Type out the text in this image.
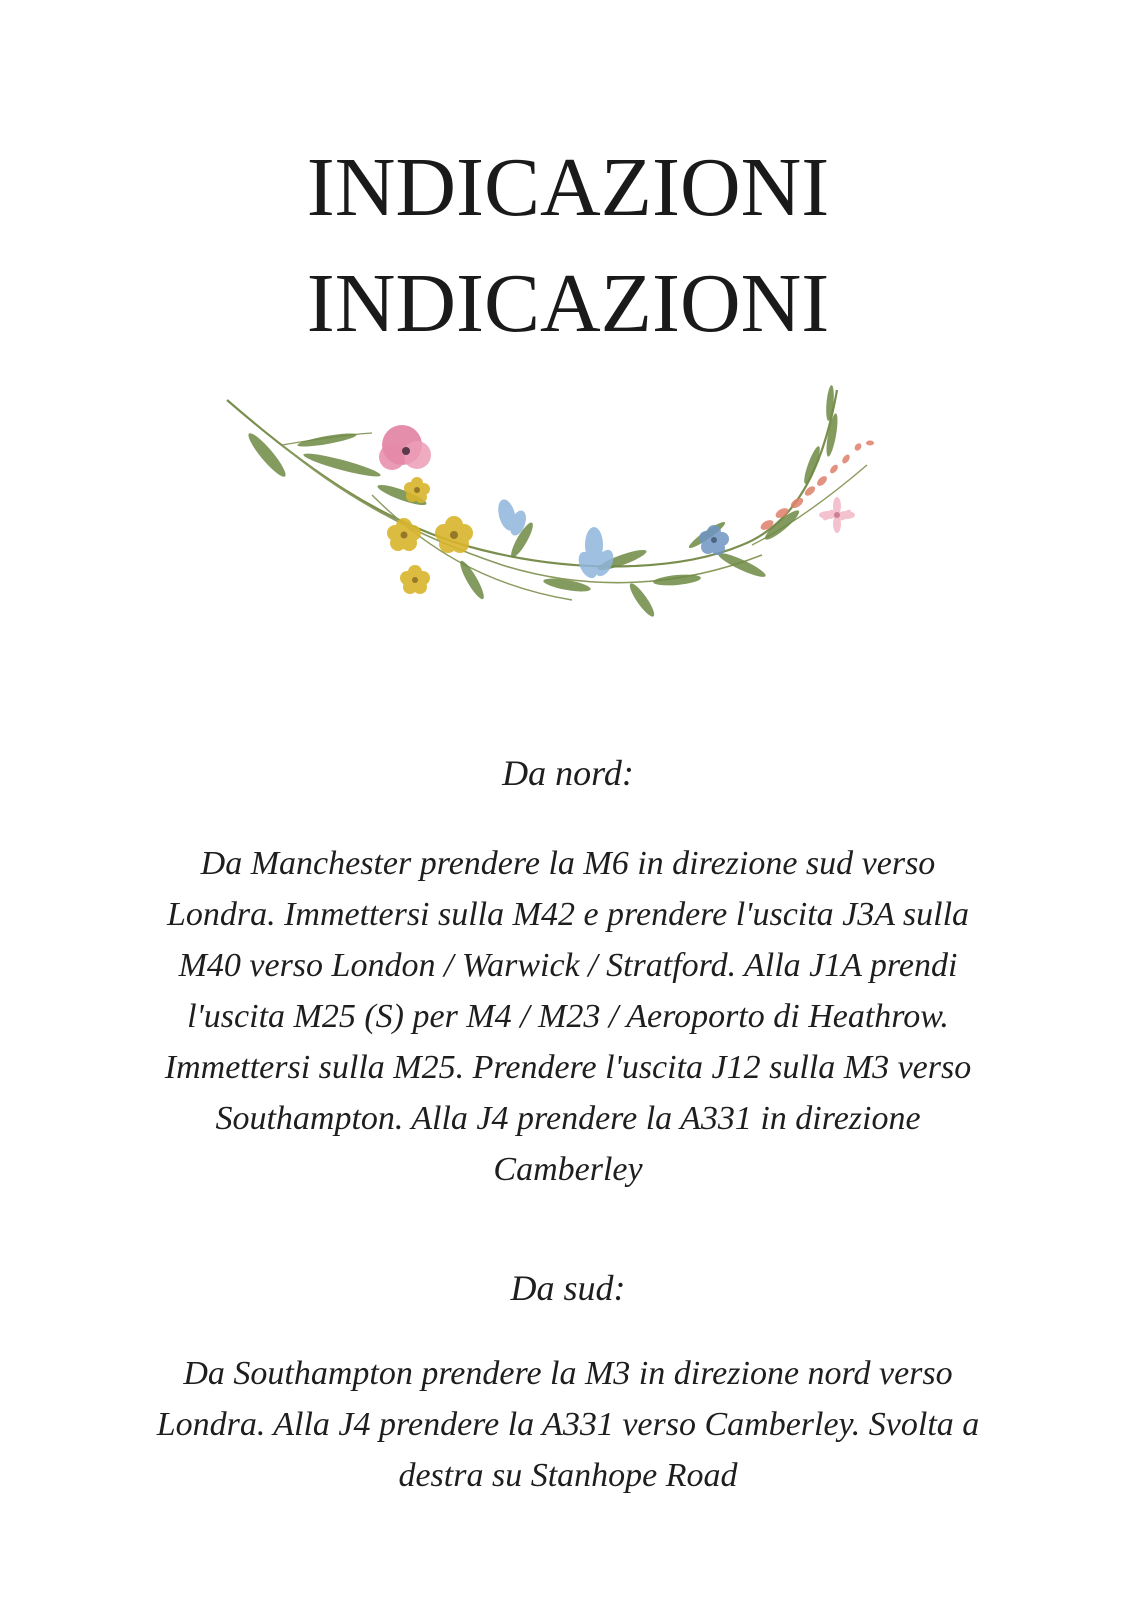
INDICAZIONI
INDICAZIONI

Da nord:

Da Manchester prendere la M6 in direzione sud verso
Londra. Immettersi sulla M42 e prendere l'uscita J3A sulla
M40 verso London / Warwick / Stratford. Alla J1A prendi
l'uscita M25 (S) per M4 / M23 / Aeroporto di Heathrow.
Immettersi sulla M25. Prendere l'uscita J12 sulla M3 verso
Southampton. Alla J4 prendere la A331 in direzione
Camberley

Da sud:

Da Southampton prendere la M3 in direzione nord verso
Londra. Alla J4 prendere la A331 verso Camberley. Svolta a
destra su Stanhope Road
